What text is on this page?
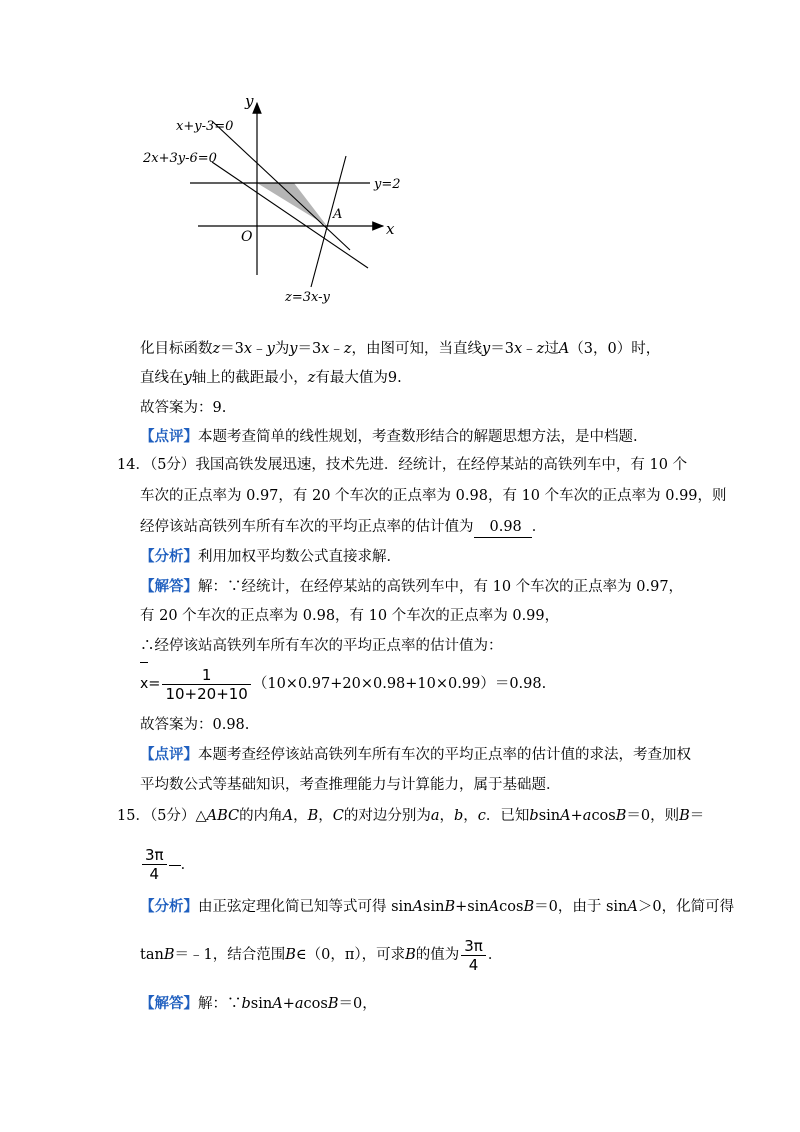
y
x
O
A
x+y-3=0
2x+3y-6=0
y=2
z=3x-y
化目标函数z＝3x﹣y为y＝3x﹣z，由图可知，当直线y＝3x﹣z过A（3，0）时，
直线在y轴上的截距最小，z有最大值为9.
故答案为：9.
【点评】本题考查简单的线性规划，考查数形结合的解题思想方法，是中档题.
14．（5分）我国高铁发展迅速，技术先进．经统计，在经停某站的高铁列车中，有 10 个
车次的正点率为 0.97，有 20 个车次的正点率为 0.98，有 10 个车次的正点率为 0.99，则
经停该站高铁列车所有车次的平均正点率的估计值为 0.98 ．
【分析】利用加权平均数公式直接求解．
【解答】解：∵经统计，在经停某站的高铁列车中，有 10 个车次的正点率为 0.97，
有 20 个车次的正点率为 0.98，有 10 个车次的正点率为 0.99，
∴经停该站高铁列车所有车次的平均正点率的估计值为：
$x= \frac{1}{10+20+10} (10\times 0.97+20\times 0.98+10\times 0.99)=0.98$.
故答案为：0.98.
【点评】本题考查经停该站高铁列车所有车次的平均正点率的估计值的求法，考查加权
平均数公式等基础知识，考查推理能力与计算能力，属于基础题．
15．（5分）△ABC的内角A，B，C的对边分别为a，b，c．已知bsinA+acosB＝0，则B＝
$\frac{3\pi}{4}$ ．
【分析】由正弦定理化简已知等式可得 sinAsinB+sinAcosB＝0，由于 sinA＞0，化简可得
tanB＝﹣1，结合范围B∈（0，π），可求B的值为 $\frac{3\pi}{4}$ ．
【解答】解：∵bsinA+acosB＝0，
